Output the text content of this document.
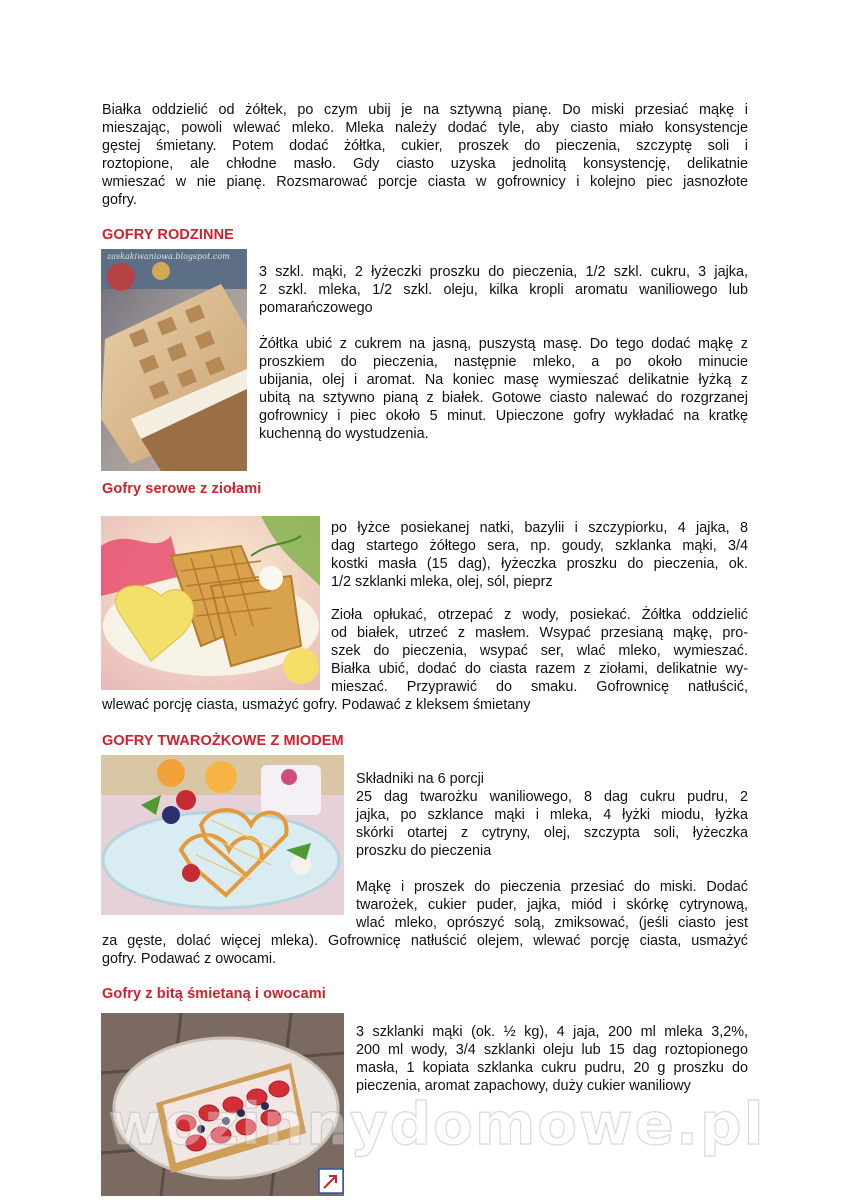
Białka oddzielić od żółtek, po czym ubij je na sztywną pianę. Do miski przesiać mąkę i
mieszając, powoli wlewać mleko. Mleka należy dodać tyle, aby ciasto miało konsystencje
gęstej śmietany. Potem dodać żółtka, cukier, proszek do pieczenia, szczyptę soli i
roztopione, ale chłodne masło. Gdy ciasto uzyska jednolitą konsystencję, delikatnie
wmieszać w nie pianę. Rozsmarować porcje ciasta w gofrownicy i kolejno piec jasnozłote
gofry.
GOFRY RODZINNE
zaskakiwaniowa.blogspot.com
3 szkl. mąki, 2 łyżeczki proszku do pieczenia, 1/2 szkl. cukru, 3 jajka,
2 szkl. mleka, 1/2 szkl. oleju, kilka kropli aromatu waniliowego lub
pomarańczowego
Żółtka ubić z cukrem na jasną, puszystą masę. Do tego dodać mąkę z
proszkiem do pieczenia, następnie mleko, a po około minucie
ubijania, olej i aromat. Na koniec masę wymieszać delikatnie łyżką z
ubitą na sztywno pianą z białek. Gotowe ciasto nalewać do rozgrzanej
gofrownicy i piec około 5 minut. Upieczone gofry wykładać na kratkę
kuchenną do wystudzenia.
Gofry serowe z ziołami
po łyżce posiekanej natki, bazylii i szczypiorku, 4 jajka, 8
dag startego żółtego sera, np. goudy, szklanka mąki, 3/4
kostki masła (15 dag), łyżeczka proszku do pieczenia, ok.
1/2 szklanki mleka, olej, sól, pieprz
Zioła opłukać, otrzepać z wody, posiekać. Żółtka oddzielić
od białek, utrzeć z masłem. Wsypać przesianą mąkę, pro-
szek do pieczenia, wsypać ser, wlać mleko, wymieszać.
Białka ubić, dodać do ciasta razem z ziołami, delikatnie wy-
mieszać. Przyprawić do smaku. Gofrownicę natłuścić,
wlewać porcję ciasta, usmażyć gofry. Podawać z kleksem śmietany
GOFRY TWAROŻKOWE Z MIODEM
Składniki na 6 porcji
25 dag twarożku waniliowego, 8 dag cukru pudru, 2
jajka, po szklance mąki i mleka, 4 łyżki miodu, łyżka
skórki otartej z cytryny, olej, szczypta soli, łyżeczka
proszku do pieczenia
Mąkę i proszek do pieczenia przesiać do miski. Dodać
twarożek, cukier puder, jajka, miód i skórkę cytrynową,
wlać mleko, oprószyć solą, zmiksować, (jeśli ciasto jest
za gęste, dolać więcej mleka). Gofrownicę natłuścić olejem, wlewać porcję ciasta, usmażyć
gofry. Podawać z owocami.
Gofry z bitą śmietaną i owocami
3 szklanki mąki (ok. ½ kg), 4 jaja, 200 ml mleka 3,2%,
200 ml wody, 3/4 szklanki oleju lub 15 dag roztopionego
masła, 1 kopiata szklanka cukru pudru, 20 g proszku do
pieczenia, aromat zapachowy, duży cukier waniliowy
wozinnydomowe.pl
